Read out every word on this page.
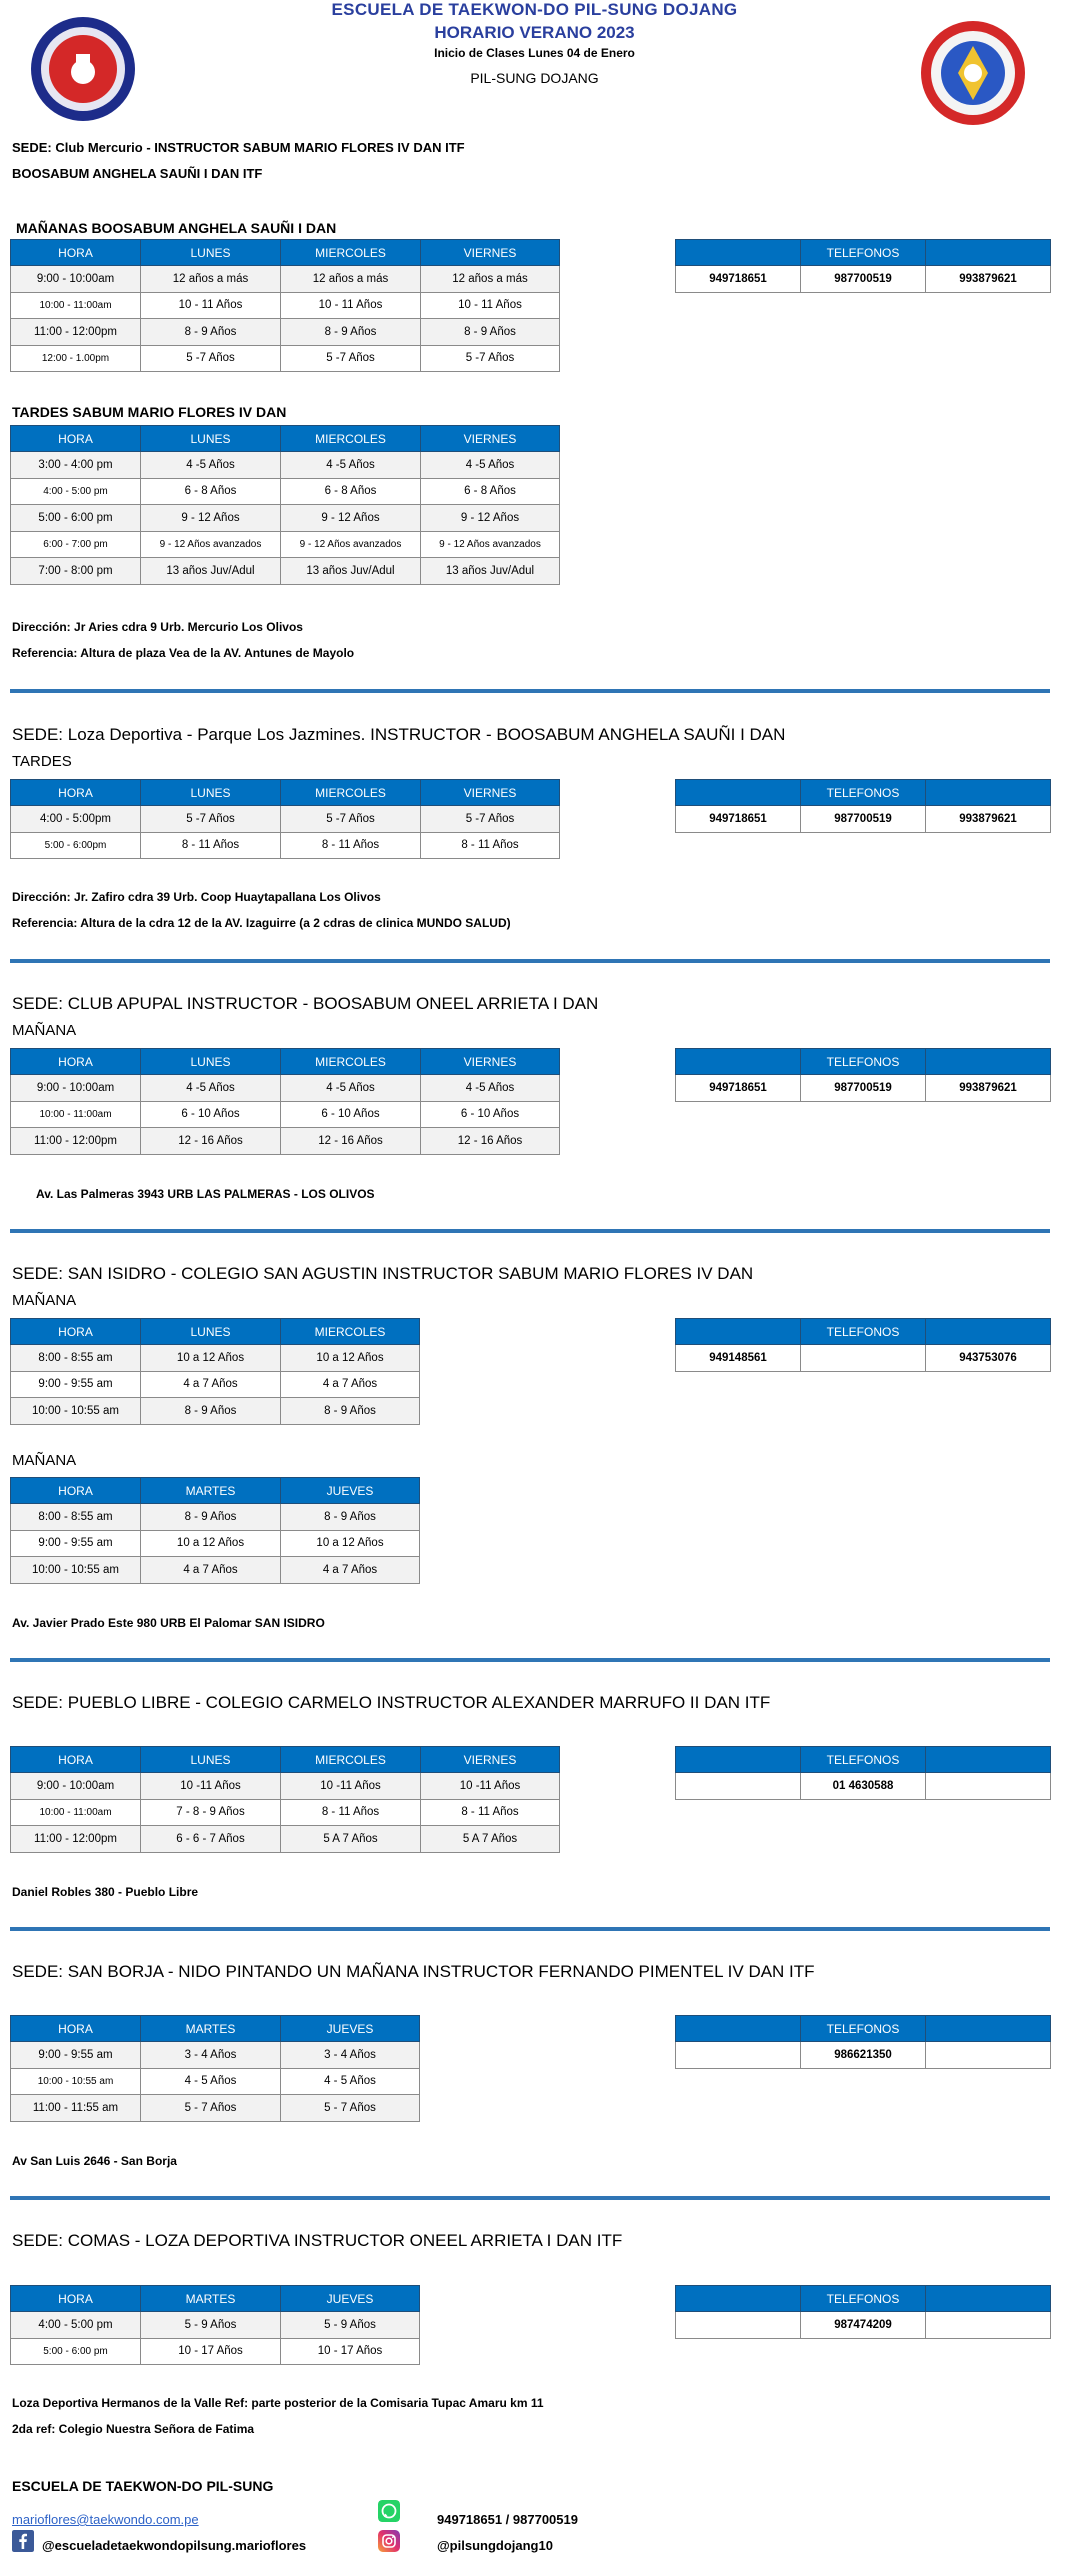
ESCUELA DE TAEKWON-DO PIL-SUNG DOJANG
HORARIO VERANO 2023
Inicio de Clases Lunes 04 de Enero
PIL-SUNG DOJANG
SEDE: Club Mercurio - INSTRUCTOR SABUM MARIO FLORES IV DAN ITF
BOOSABUM ANGHELA SAUÑI I DAN ITF
MAÑANAS BOOSABUM ANGHELA SAUÑI I DAN
HORA	LUNES	MIERCOLES	VIERNES
9:00 - 10:00am	12 años a más	12 años a más	12 años a más
10:00 - 11:00am	10 - 11 Años	10 - 11 Años	10 - 11 Años
11:00 - 12:00pm	8 - 9 Años	8 - 9 Años	8 - 9 Años
12:00 - 1.00pm	5 -7 Años	5 -7 Años	5 -7 Años
	TELEFONOS	
949718651	987700519	993879621
TARDES SABUM MARIO FLORES IV DAN
HORA	LUNES	MIERCOLES	VIERNES
3:00 - 4:00 pm	4 -5 Años	4 -5 Años	4 -5 Años
4:00 - 5:00 pm	6 - 8 Años	6 - 8 Años	6 - 8 Años
5:00 - 6:00 pm	9 - 12 Años	9 - 12 Años	9 - 12 Años
6:00 - 7:00 pm	9 - 12 Años avanzados	9 - 12 Años avanzados	9 - 12 Años avanzados
7:00 - 8:00 pm	13 años Juv/Adul	13 años Juv/Adul	13 años Juv/Adul
Dirección: Jr Aries cdra 9 Urb. Mercurio Los Olivos
Referencia: Altura de plaza Vea de la AV. Antunes de Mayolo
SEDE: Loza Deportiva - Parque Los Jazmines. INSTRUCTOR - BOOSABUM ANGHELA SAUÑI I DAN
TARDES
HORA	LUNES	MIERCOLES	VIERNES
4:00 - 5:00pm	5 -7 Años	5 -7 Años	5 -7 Años
5:00 - 6:00pm	8 - 11 Años	8 - 11 Años	8 - 11 Años
	TELEFONOS	
949718651	987700519	993879621
Dirección: Jr. Zafiro cdra 39 Urb. Coop Huaytapallana Los Olivos
Referencia: Altura de la cdra 12 de la AV. Izaguirre (a 2 cdras de clinica MUNDO SALUD)
SEDE: CLUB APUPAL INSTRUCTOR - BOOSABUM ONEEL ARRIETA I DAN
MAÑANA
HORA	LUNES	MIERCOLES	VIERNES
9:00 - 10:00am	4 -5 Años	4 -5 Años	4 -5 Años
10:00 - 11:00am	6 - 10 Años	6 - 10 Años	6 - 10 Años
11:00 - 12:00pm	12 - 16 Años	12 - 16 Años	12 - 16 Años
	TELEFONOS	
949718651	987700519	993879621
Av. Las Palmeras 3943 URB LAS PALMERAS - LOS OLIVOS
SEDE: SAN ISIDRO - COLEGIO SAN AGUSTIN INSTRUCTOR SABUM MARIO FLORES IV DAN
MAÑANA
HORA	LUNES	MIERCOLES
8:00 - 8:55 am	10 a 12 Años	10 a 12 Años
9:00 - 9:55 am	4 a 7 Años	4 a 7 Años
10:00 - 10:55 am	8 - 9 Años	8 - 9 Años
	TELEFONOS	
949148561		943753076
MAÑANA
HORA	MARTES	JUEVES
8:00 - 8:55 am	8 - 9 Años	8 - 9 Años
9:00 - 9:55 am	10 a 12 Años	10 a 12 Años
10:00 - 10:55 am	4 a 7 Años	4 a 7 Años
Av. Javier Prado Este 980 URB El Palomar SAN ISIDRO
SEDE: PUEBLO LIBRE - COLEGIO CARMELO INSTRUCTOR ALEXANDER MARRUFO II DAN ITF
HORA	LUNES	MIERCOLES	VIERNES
9:00 - 10:00am	10 -11 Años	10 -11 Años	10 -11 Años
10:00 - 11:00am	7 - 8 - 9 Años	8 - 11 Años	8 - 11 Años
11:00 - 12:00pm	6 - 6 - 7 Años	5 A 7 Años	5 A 7 Años
	TELEFONOS	
	01 4630588	
Daniel Robles 380 - Pueblo Libre
SEDE: SAN BORJA - NIDO PINTANDO UN MAÑANA INSTRUCTOR FERNANDO PIMENTEL IV DAN ITF
HORA	MARTES	JUEVES
9:00 - 9:55 am	3 - 4 Años	3 - 4 Años
10:00 - 10:55 am	4 - 5 Años	4 - 5 Años
11:00 - 11:55 am	5 - 7 Años	5 - 7 Años
	TELEFONOS	
	986621350	
Av San Luis 2646 - San Borja
SEDE: COMAS - LOZA DEPORTIVA INSTRUCTOR ONEEL ARRIETA I DAN ITF
HORA	MARTES	JUEVES
4:00 - 5:00 pm	5 - 9 Años	5 - 9 Años
5:00 - 6:00 pm	10 - 17 Años	10 - 17 Años
	TELEFONOS	
	987474209	
Loza Deportiva Hermanos de la Valle Ref: parte posterior de la Comisaria Tupac Amaru km 11
2da ref: Colegio Nuestra Señora de Fatima
ESCUELA DE TAEKWON-DO PIL-SUNG
marioflores@taekwondo.com.pe	949718651 / 987700519
@escueladetaekwondopilsung.marioflores	@pilsungdojang10
